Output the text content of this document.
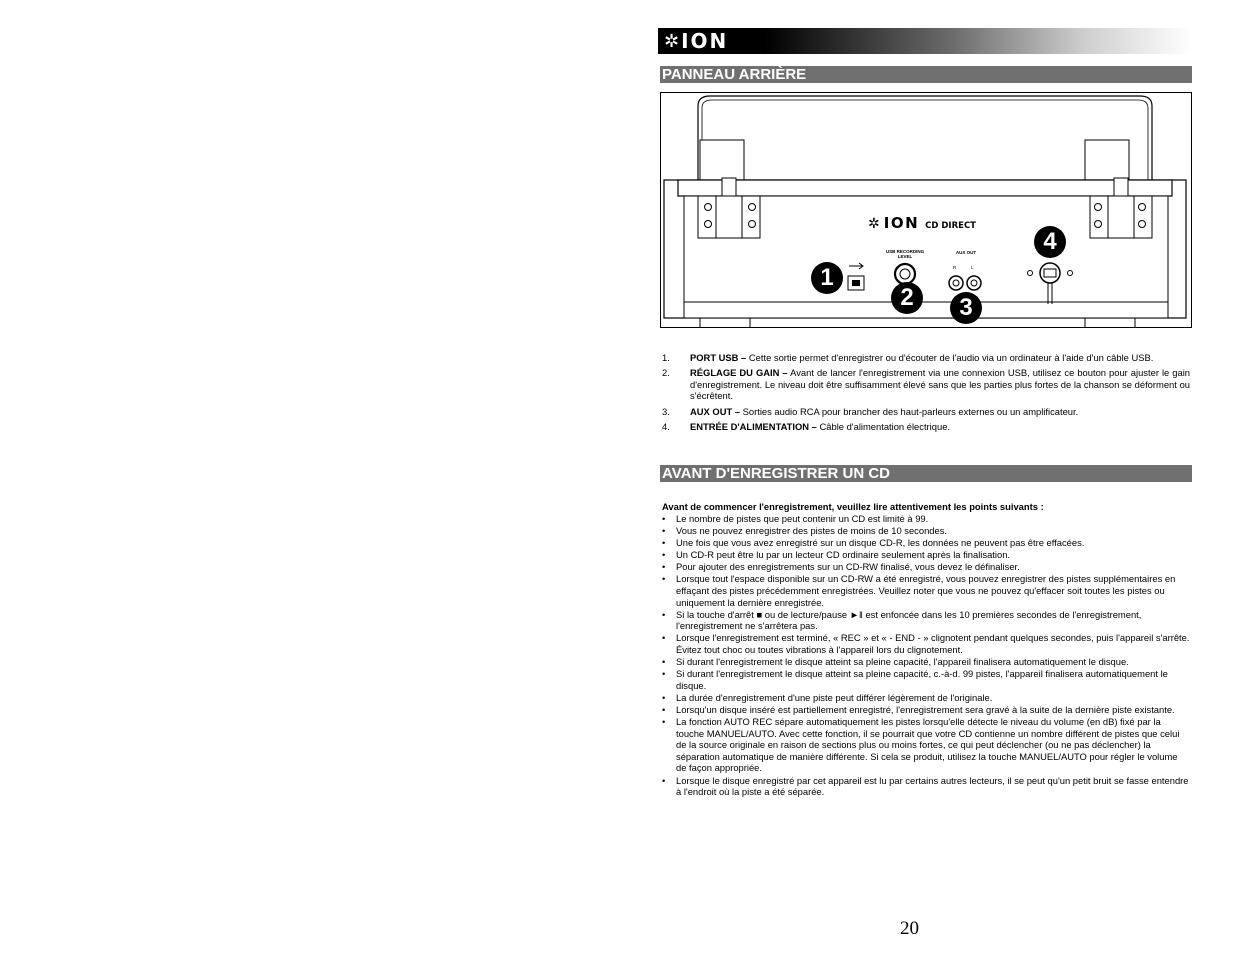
✲ ION
PANNEAU ARRIÈRE
✲ ION CD DIRECT
USB RECORDING
LEVEL
AUX OUT
R	L
1
2	3
4
1. PORT USB – Cette sortie permet d'enregistrer ou d'écouter de l'audio via un ordinateur à l'aide d'un câble USB.
2. RÉGLAGE DU GAIN – Avant de lancer l'enregistrement via une connexion USB, utilisez ce bouton pour ajuster le gain d'enregistrement. Le niveau doit être suffisamment élevé sans que les parties plus fortes de la chanson se déforment ou s'écrêtent.
3. AUX OUT – Sorties audio RCA pour brancher des haut-parleurs externes ou un amplificateur.
4. ENTRÉE D'ALIMENTATION – Câble d'alimentation électrique.
AVANT D'ENREGISTRER UN CD
Avant de commencer l'enregistrement, veuillez lire attentivement les points suivants :
• Le nombre de pistes que peut contenir un CD est limité à 99.
• Vous ne pouvez enregistrer des pistes de moins de 10 secondes.
• Une fois que vous avez enregistré sur un disque CD-R, les données ne peuvent pas être effacées.
• Un CD-R peut être lu par un lecteur CD ordinaire seulement après la finalisation.
• Pour ajouter des enregistrements sur un CD-RW finalisé, vous devez le définaliser.
• Lorsque tout l'espace disponible sur un CD-RW a été enregistré, vous pouvez enregistrer des pistes supplémentaires en effaçant des pistes précédemment enregistrées. Veuillez noter que vous ne pouvez qu'effacer soit toutes les pistes ou uniquement la dernière enregistrée.
• Si la touche d'arrêt ■ ou de lecture/pause ►‖ est enfoncée dans les 10 premières secondes de l'enregistrement, l'enregistrement ne s'arrêtera pas.
• Lorsque l'enregistrement est terminé, « REC » et « - END - » clignotent pendant quelques secondes, puis l'appareil s'arrête. Évitez tout choc ou toutes vibrations à l'appareil lors du clignotement.
• Si durant l'enregistrement le disque atteint sa pleine capacité, l'appareil finalisera automatiquement le disque.
• Si durant l'enregistrement le disque atteint sa pleine capacité, c.-à-d. 99 pistes, l'appareil finalisera automatiquement le disque.
• La durée d'enregistrement d'une piste peut différer légèrement de l'originale.
• Lorsqu'un disque inséré est partiellement enregistré, l'enregistrement sera gravé à la suite de la dernière piste existante.
• La fonction AUTO REC sépare automatiquement les pistes lorsqu'elle détecte le niveau du volume (en dB) fixé par la touche MANUEL/AUTO. Avec cette fonction, il se pourrait que votre CD contienne un nombre différent de pistes que celui de la source originale en raison de sections plus ou moins fortes, ce qui peut déclencher (ou ne pas déclencher) la séparation automatique de manière différente. Si cela se produit, utilisez la touche MANUEL/AUTO pour régler le volume de façon appropriée.
• Lorsque le disque enregistré par cet appareil est lu par certains autres lecteurs, il se peut qu'un petit bruit se fasse entendre à l'endroit où la piste a été séparée.
20
